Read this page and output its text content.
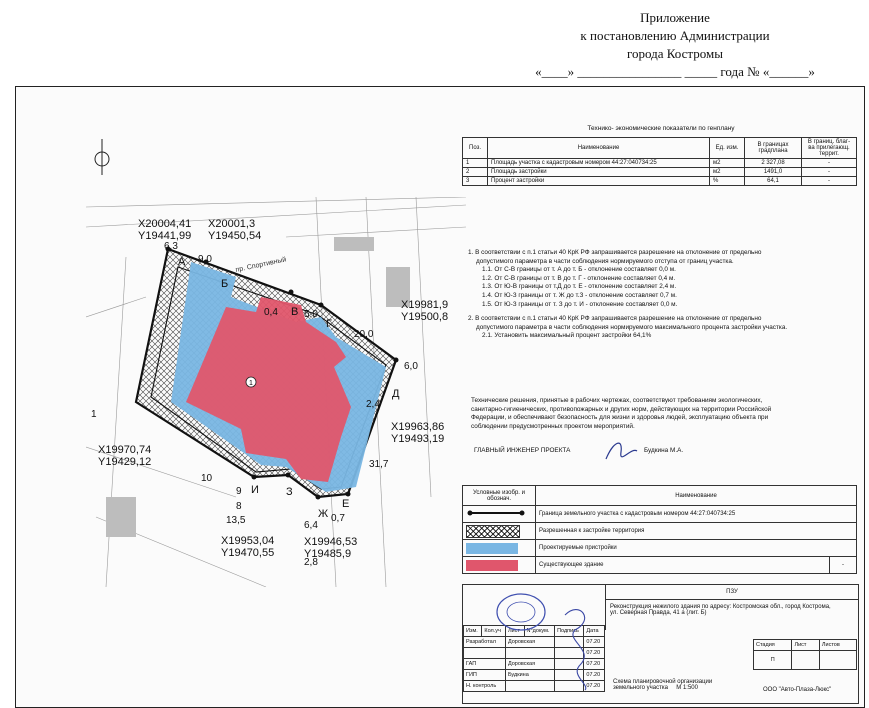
Приложение
к постановлению Администрации
города Костромы
«____» ________________ _____ года № «______»
1
Х20004,41
Y19441,99
Х20001,3
Y19450,54
Х19981,9
Y19500,8
Х19963,86
Y19493,19
Х19970,74
Y19429,12
Х19953,04
Y19470,55
Х19946,53
Y19485,9
А
Б
В
Г
Д
Е
Ж
З
И
6,3
9,0
0,4	5,0
20,0
6,0
2,4
31,7
0,7
6,4
2,8
13,5
8
9
10
1
пр. Спортивный
Технико- экономические показатели по генплану
Поз.	Наименование	Ед. изм.	В границах градплана	В границ. благ-ва прилегающ. террит.
1	Площадь участка с кадастровым номером 44:27:040734:25	м2	2 327,08	-
2	Площадь застройки	м2	1491,0	-
3	Процент застройки	%	64,1	-
1. В соответствии с п.1 статьи 40 КрК РФ запрашивается разрешение на отклонение от предельно
допустимого параметра в части соблюдения нормируемого отступа от границ участка.
1.1. От С-В границы от т. А до т. Б - отклонение составляет 0,0 м.
1.2. От С-В границы от т. В до т. Г - отклонение составляет 0,4 м.
1.3. От Ю-В границы от т.Д до т. Е - отклонение составляет 2,4 м.
1.4. От Ю-З границы от т. Ж до т.З - отклонение составляет 0,7 м.
1.5. От Ю-З границы от т. З до т. И - отклонение составляет 0,0 м.
2. В соответствии с п.1 статьи 40 КрК РФ запрашивается разрешение на отклонение от предельно
допустимого параметра в части соблюдения нормируемого максимального процента застройки участка.
2.1. Установить максимальный процент застройки 64,1%
Технические решения, принятые в рабочих чертежах, соответствуют требованиям экологических,
санитарно-гигиенических, противопожарных и других норм, действующих на территории Российской
Федерации, и обеспечивают безопасность для жизни и здоровья людей, эксплуатацию объекта при
соблюдении предусмотренных проектом мероприятий.
ГЛАВНЫЙ ИНЖЕНЕР ПРОЕКТА	Будкина М.А.
Условные изобр. и обознач.	Наименование	
	Граница земельного участка с кадастровым номером 44:27:040734:25	

	Разрешенная к застройке территория	

	Проектируемые пристройки	

	Существующее здание	-
ПЗУ
Реконструкция нежилого здания по адресу: Костромская обл., город Кострома,
ул. Северная Правда, 41 а (лит. Б)
Изм.	Кол.уч	Лист	N°докум.	Подпись	Дата
Разработал		Доровская			07.20
					07.20
ГАП		Доровская			07.20
ГИП		Будкина			07.20
Н. контроль					07.20
Стадия	Лист	Листов
П		
Схема планировочной организации
земельного участка М 1:500	ООО "Авто-Плаза-Люкс"
